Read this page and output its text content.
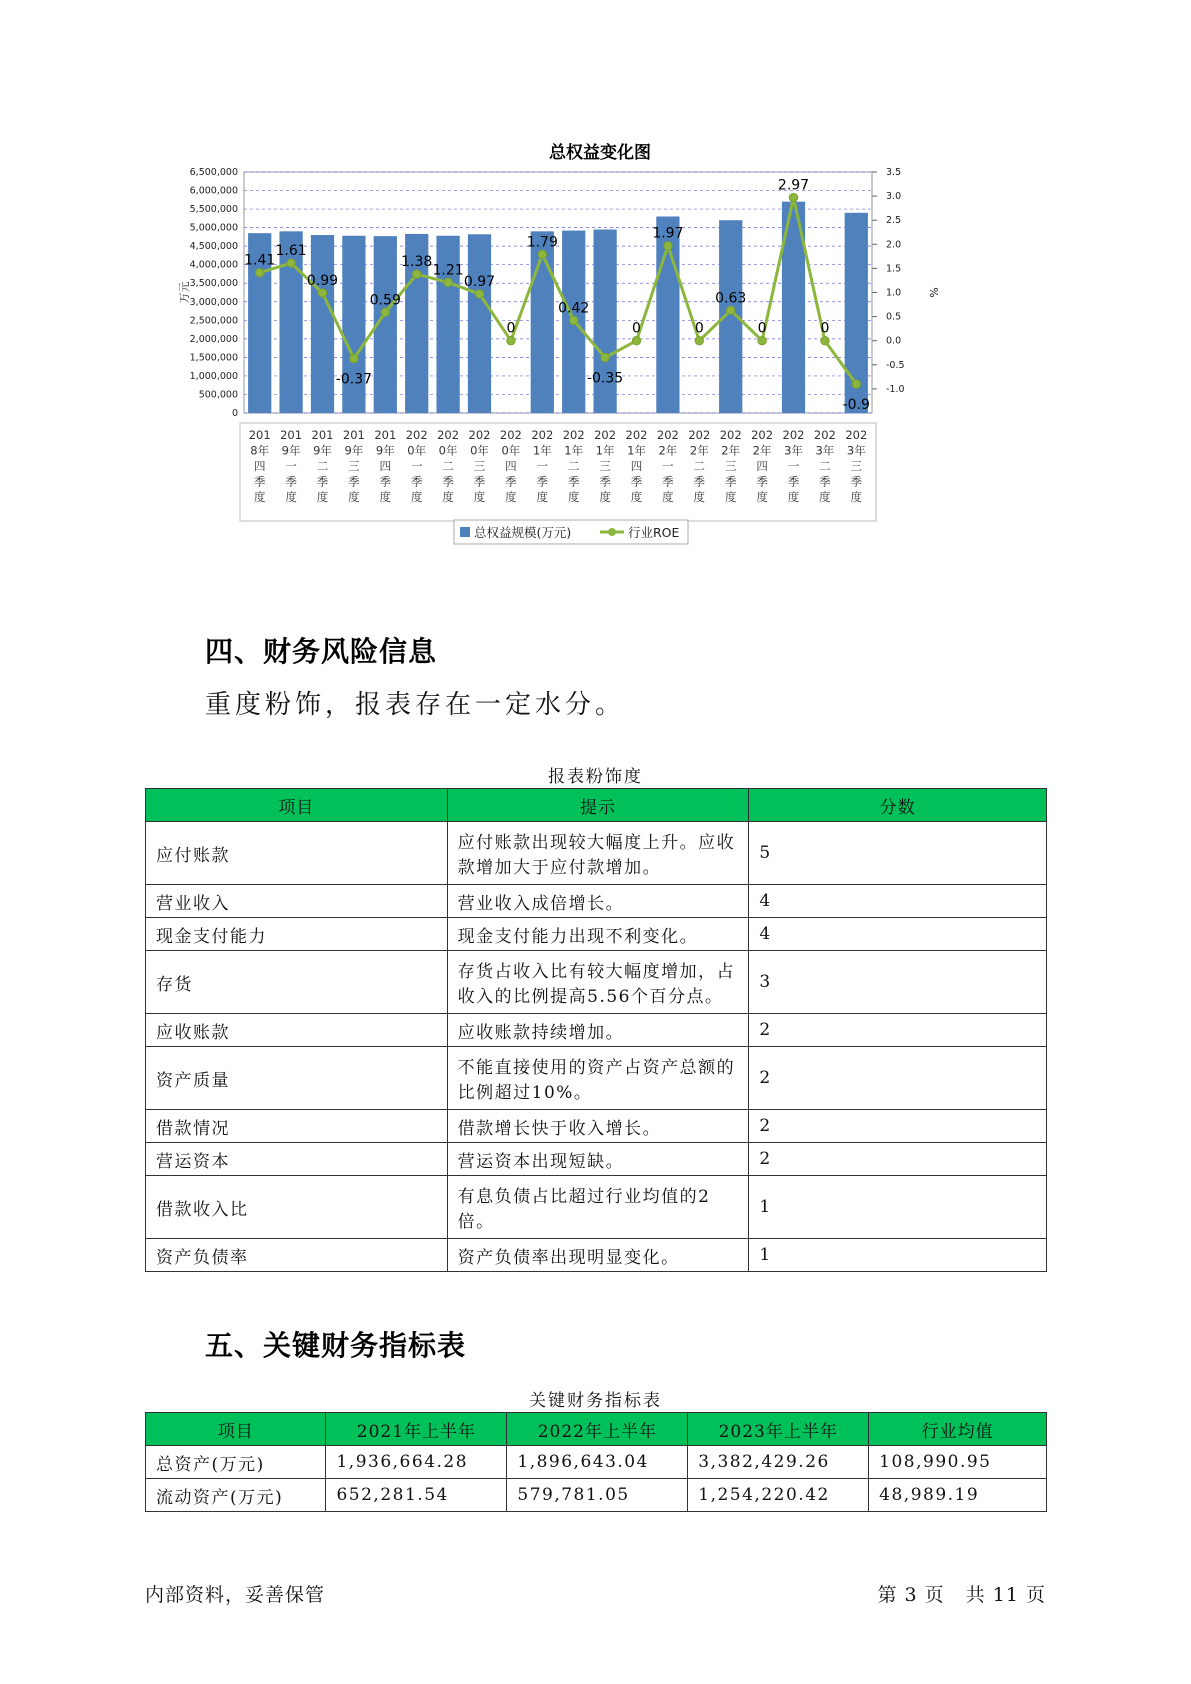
总权益变化图
0
500,000
1,000,000
1,500,000
2,000,000
2,500,000
3,000,000
3,500,000
4,000,000
4,500,000
5,000,000
5,500,000
6,000,000
6,500,000
-1.0
-0.5
0.0
0.5
1.0
1.5
2.0
2.5
3.0
3.5
万元	%
1.41
1.61
0.99
-0.37
0.59
1.38
1.21
0.97
0
1.79
0.42
-0.35
0
1.97
0
0.63
0
2.97
0
-0.9
201 8年四季度
201 9年一季度
201 9年二季度
201 9年三季度
201 9年四季度
202 0年一季度
202 0年二季度
202 0年三季度
202 0年四季度
202 1年一季度
202 1年二季度
202 1年三季度
202 1年四季度
202 2年一季度
202 2年二季度
202 2年三季度
202 2年四季度
202 3年一季度
202 3年二季度
202 3年三季度
总权益规模(万元)	行业ROE
四、财务风险信息
重度粉饰，报表存在一定水分。
报表粉饰度
项目	提示	分数
应付账款	应付账款出现较大幅度上升。应收款增加大于应付款增加。	5
营业收入	营业收入成倍增长。	4
现金支付能力	现金支付能力出现不利变化。	4
存货	存货占收入比有较大幅度增加，占收入的比例提高5.56个百分点。	3
应收账款	应收账款持续增加。	2
资产质量	不能直接使用的资产占资产总额的比例超过10%。	2
借款情况	借款增长快于收入增长。	2
营运资本	营运资本出现短缺。	2
借款收入比	有息负债占比超过行业均值的2倍。	1
资产负债率	资产负债率出现明显变化。	1
五、关键财务指标表
关键财务指标表
项目	2021年上半年	2022年上半年	2023年上半年	行业均值
总资产(万元)	1,936,664.28	1,896,643.04	3,382,429.26	108,990.95
流动资产(万元)	652,281.54	579,781.05	1,254,220.42	48,989.19
内部资料，妥善保管	第 3 页   共 11 页
